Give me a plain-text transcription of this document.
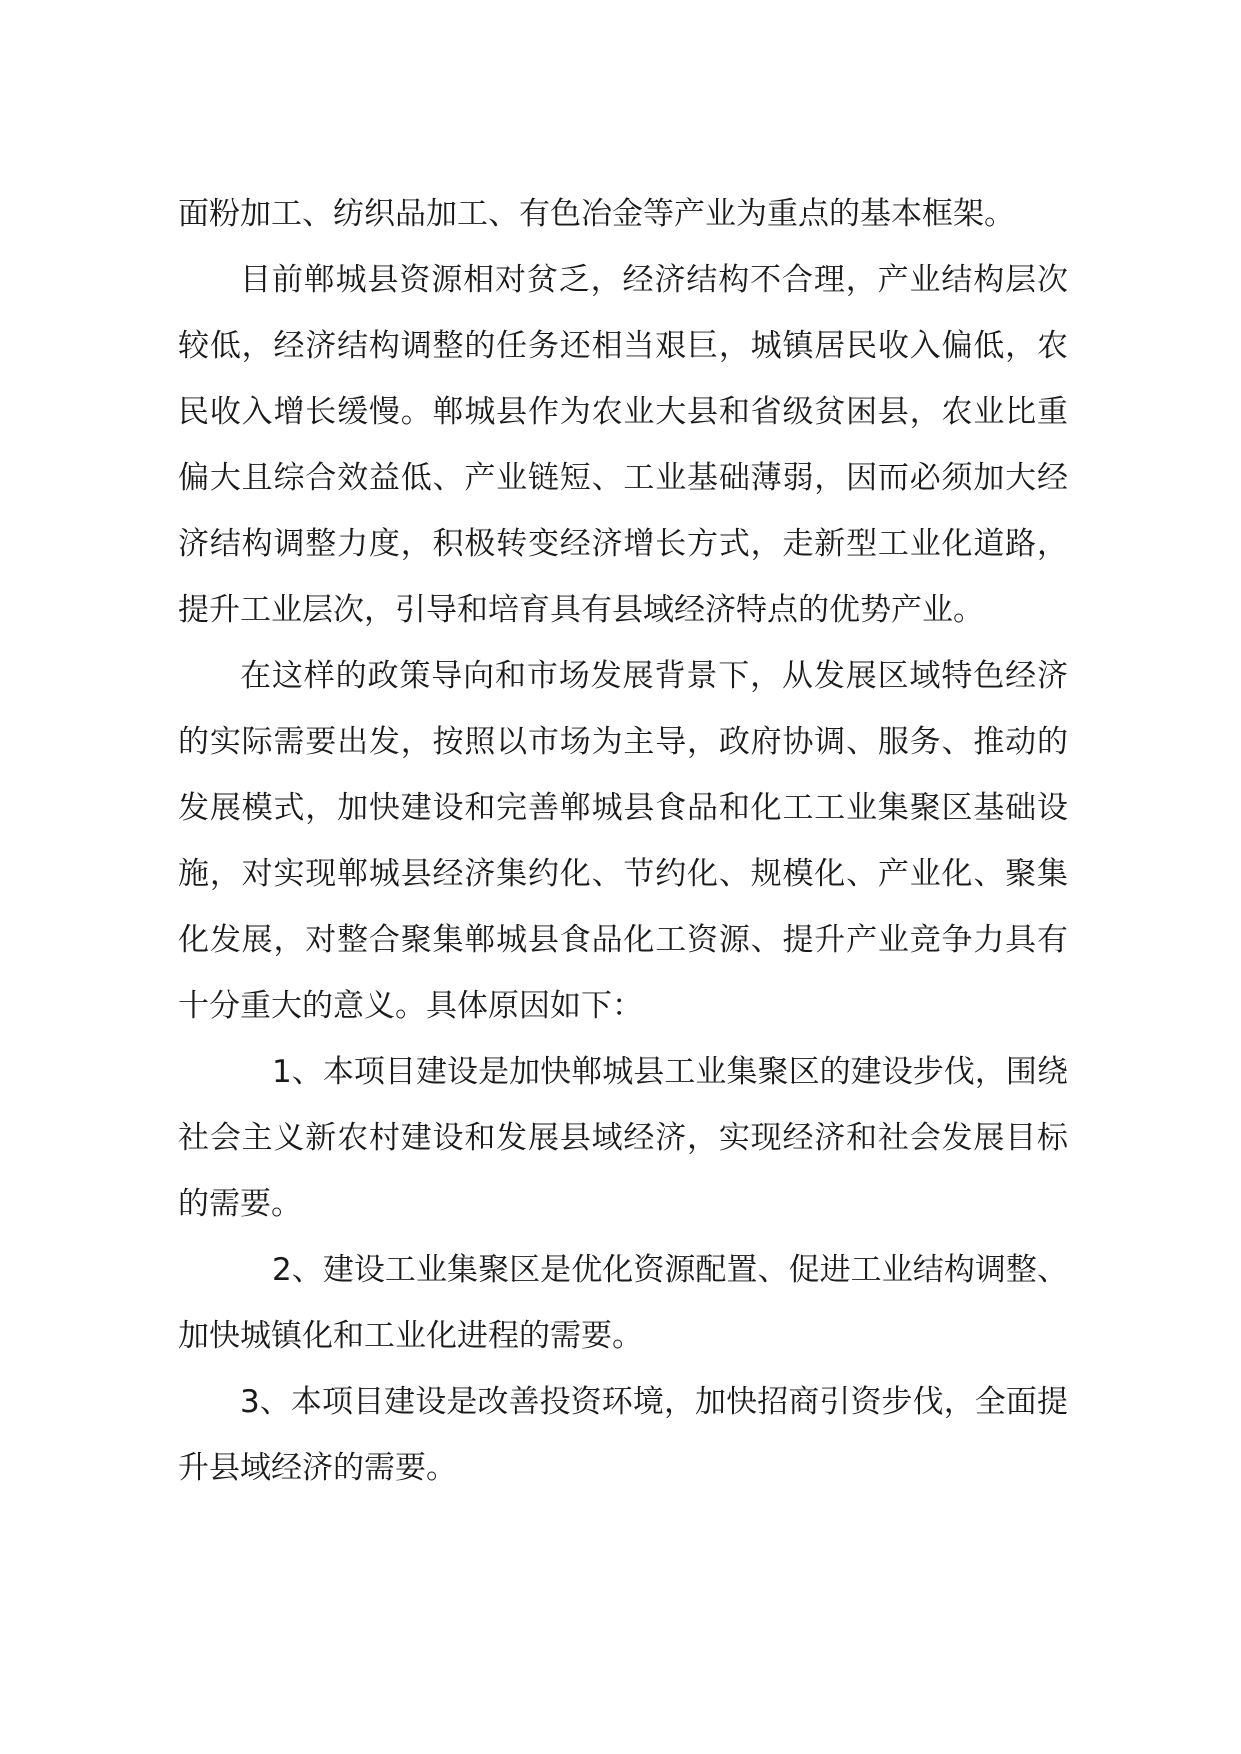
面粉加工、纺织品加工、有色冶金等产业为重点的基本框架。

目前郸城县资源相对贫乏，经济结构不合理，产业结构层次较低，经济结构调整的任务还相当艰巨，城镇居民收入偏低，农民收入增长缓慢。郸城县作为农业大县和省级贫困县，农业比重偏大且综合效益低、产业链短、工业基础薄弱，因而必须加大经济结构调整力度，积极转变经济增长方式，走新型工业化道路，提升工业层次，引导和培育具有县域经济特点的优势产业。

在这样的政策导向和市场发展背景下，从发展区域特色经济的实际需要出发，按照以市场为主导，政府协调、服务、推动的发展模式，加快建设和完善郸城县食品和化工工业集聚区基础设施，对实现郸城县经济集约化、节约化、规模化、产业化、聚集化发展，对整合聚集郸城县食品化工资源、提升产业竞争力具有十分重大的意义。具体原因如下：

1、本项目建设是加快郸城县工业集聚区的建设步伐，围绕社会主义新农村建设和发展县域经济，实现经济和社会发展目标的需要。

2、建设工业集聚区是优化资源配置、促进工业结构调整、加快城镇化和工业化进程的需要。

3、本项目建设是改善投资环境，加快招商引资步伐，全面提升县域经济的需要。
